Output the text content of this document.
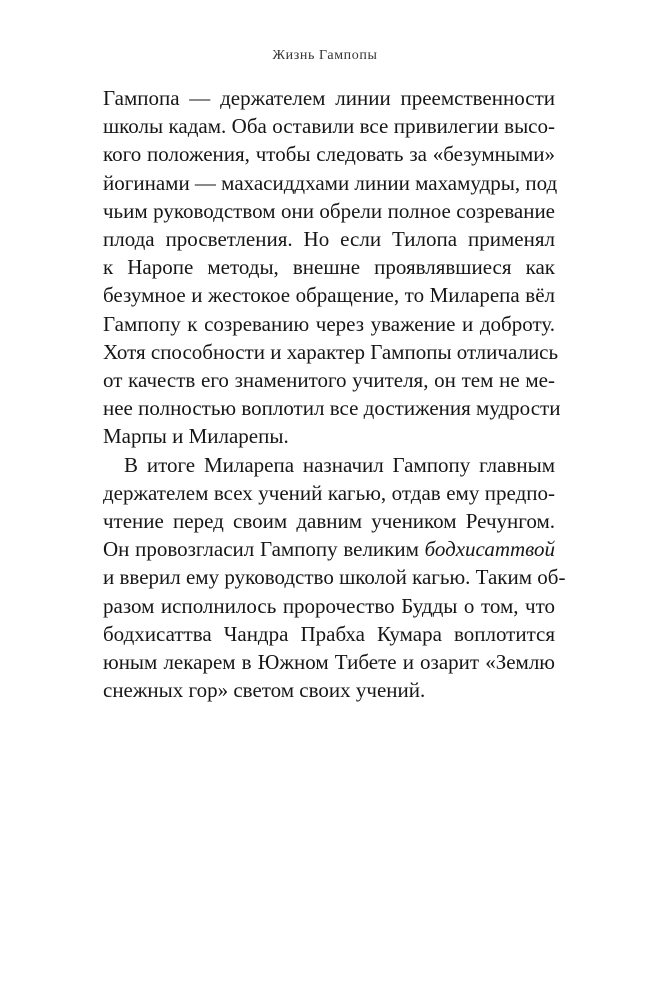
Жизнь Гампопы

Гампопа — держателем линии преемственности
школы кадам. Оба оставили все привилегии высо-
кого положения, чтобы следовать за «безумными»
йогинами — махасиддхами линии махамудры, под
чьим руководством они обрели полное созревание
плода просветления. Но если Тилопа применял
к Наропе методы, внешне проявлявшиеся как
безумное и жестокое обращение, то Миларепа вёл
Гампопу к созреванию через уважение и доброту.
Хотя способности и характер Гампопы отличались
от качеств его знаменитого учителя, он тем не ме-
нее полностью воплотил все достижения мудрости
Марпы и Миларепы.

В итоге Миларепа назначил Гампопу главным
держателем всех учений кагью, отдав ему предпо-
чтение перед своим давним учеником Речунгом.
Он провозгласил Гампопу великим бодхисаттвой
и вверил ему руководство школой кагью. Таким об-
разом исполнилось пророчество Будды о том, что
бодхисаттва Чандра Прабха Кумара воплотится
юным лекарем в Южном Тибете и озарит «Землю
снежных гор» светом своих учений.
